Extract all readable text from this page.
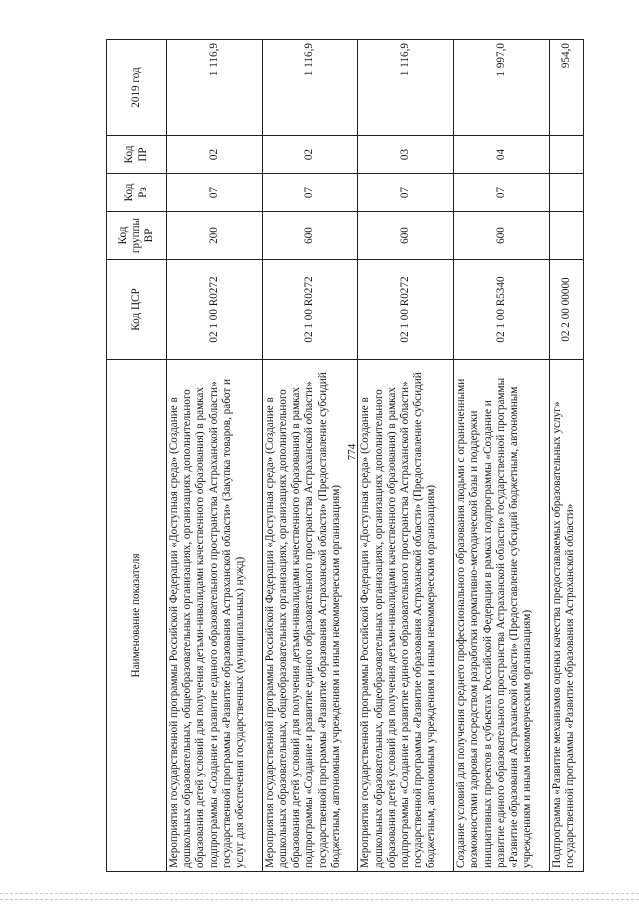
774
Наименование показателя	Код ЦСР	Код группы ВР	Код Рз	Код ПР	2019 год
Мероприятия государственной программы Российской Федерации «Доступная среда» (Создание в дошкольных образовательных, общеобразовательных организациях, организациях дополнительного образования детей условий для получения детьми-инвалидами качественного образования) в рамках подпрограммы «Создание и развитие единого образовательного пространства Астраханской области» государственной программы «Развитие образования Астраханской области» (Закупка товаров, работ и услуг для обеспечения государственных (муниципальных) нужд)	02 1 00 R0272	200	07	02	1 116,9
Мероприятия государственной программы Российской Федерации «Доступная среда» (Создание в дошкольных образовательных, общеобразовательных организациях, организациях дополнительного образования детей условий для получения детьми-инвалидами качественного образования) в рамках подпрограммы «Создание и развитие единого образовательного пространства Астраханской области» государственной программы «Развитие образования Астраханской области» (Предоставление субсидий бюджетным, автономным учреждениям и иным некоммерческим организациям)	02 1 00 R0272	600	07	02	1 116,9
Мероприятия государственной программы Российской Федерации «Доступная среда» (Создание в дошкольных образовательных, общеобразовательных организациях, организациях дополнительного образования детей условий для получения детьми-инвалидами качественного образования) в рамках подпрограммы «Создание и развитие единого образовательного пространства Астраханской области» государственной программы «Развитие образования Астраханской области» (Предоставление субсидий бюджетным, автономным учреждениям и иным некоммерческим организациям)	02 1 00 R0272	600	07	03	1 116,9
Создание условий для получения среднего профессионального образования людьми с ограниченными возможностями здоровья посредством разработки нормативно-методической базы и поддержки инициативных проектов в субъектах Российской Федерации в рамках подпрограммы «Создание и развитие единого образовательного пространства Астраханской области» государственной программы «Развитие образования Астраханской области» (Предоставление субсидий бюджетным, автономным учреждениям и иным некоммерческим организациям)	02 1 00 R5340	600	07	04	1 997,0
Подпрограмма «Развитие механизмов оценки качества предоставляемых образовательных услуг» государственной программы «Развитие образования Астраханской области»	02 2 00 00000				954,0
